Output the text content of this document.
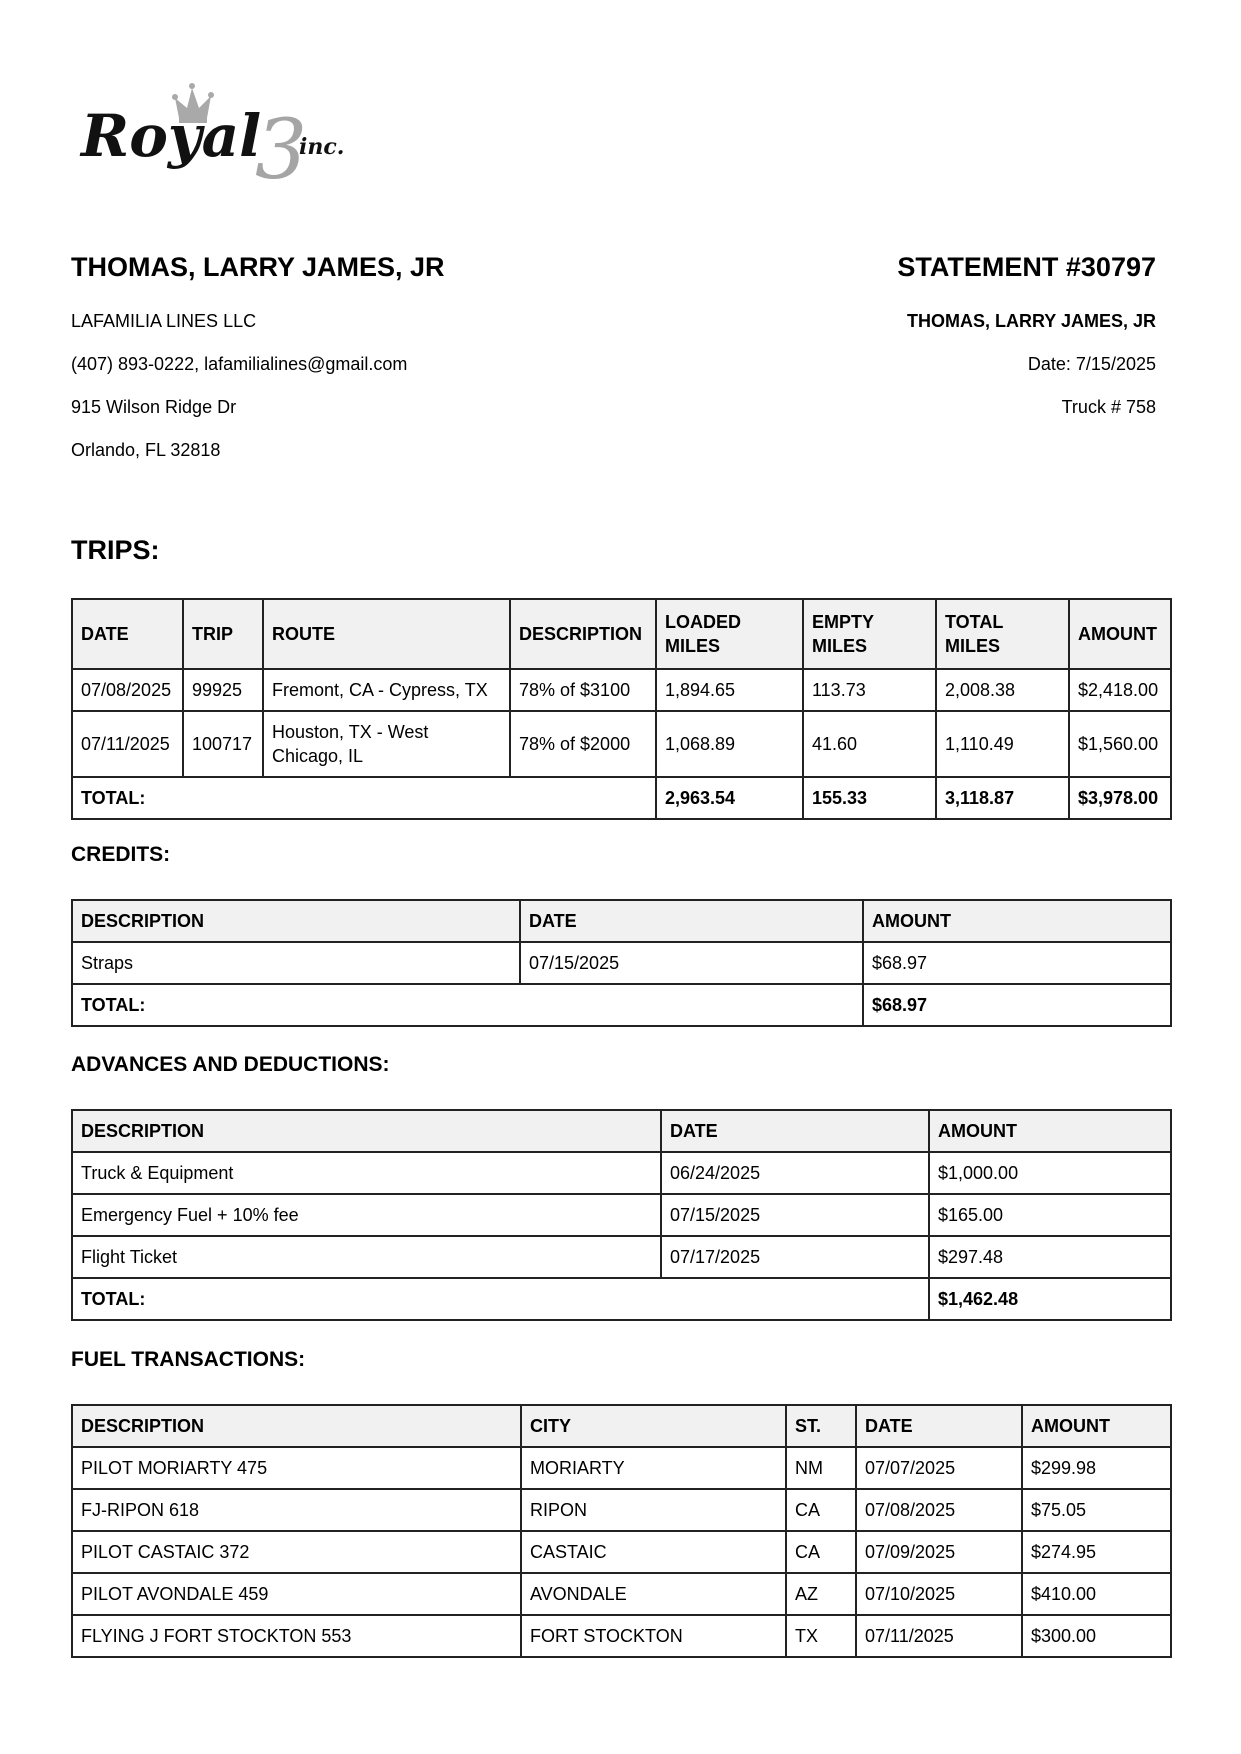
3
Royal inc.
THOMAS, LARRY JAMES, JR
LAFAMILIA LINES LLC
(407) 893-0222, lafamilialines@gmail.com
915 Wilson Ridge Dr
Orlando, FL 32818
STATEMENT #30797
THOMAS, LARRY JAMES, JR
Date: 7/15/2025
Truck # 758
TRIPS:
DATE	TRIP	ROUTE	DESCRIPTION	LOADED MILES	EMPTY MILES	TOTAL MILES	AMOUNT
07/08/2025	99925	Fremont, CA - Cypress, TX	78% of $3100	1,894.65	113.73	2,008.38	$2,418.00
07/11/2025	100717	Houston, TX - West Chicago, IL	78% of $2000	1,068.89	41.60	1,110.49	$1,560.00
TOTAL:				2,963.54	155.33	3,118.87	$3,978.00
CREDITS:
DESCRIPTION	DATE	AMOUNT
Straps	07/15/2025	$68.97
TOTAL:		$68.97
ADVANCES AND DEDUCTIONS:
DESCRIPTION	DATE	AMOUNT
Truck & Equipment	06/24/2025	$1,000.00
Emergency Fuel + 10% fee	07/15/2025	$165.00
Flight Ticket	07/17/2025	$297.48
TOTAL:		$1,462.48
FUEL TRANSACTIONS:
DESCRIPTION	CITY	ST.	DATE	AMOUNT
PILOT MORIARTY 475	MORIARTY	NM	07/07/2025	$299.98
FJ-RIPON 618	RIPON	CA	07/08/2025	$75.05
PILOT CASTAIC 372	CASTAIC	CA	07/09/2025	$274.95
PILOT AVONDALE 459	AVONDALE	AZ	07/10/2025	$410.00
FLYING J FORT STOCKTON 553	FORT STOCKTON	TX	07/11/2025	$300.00
